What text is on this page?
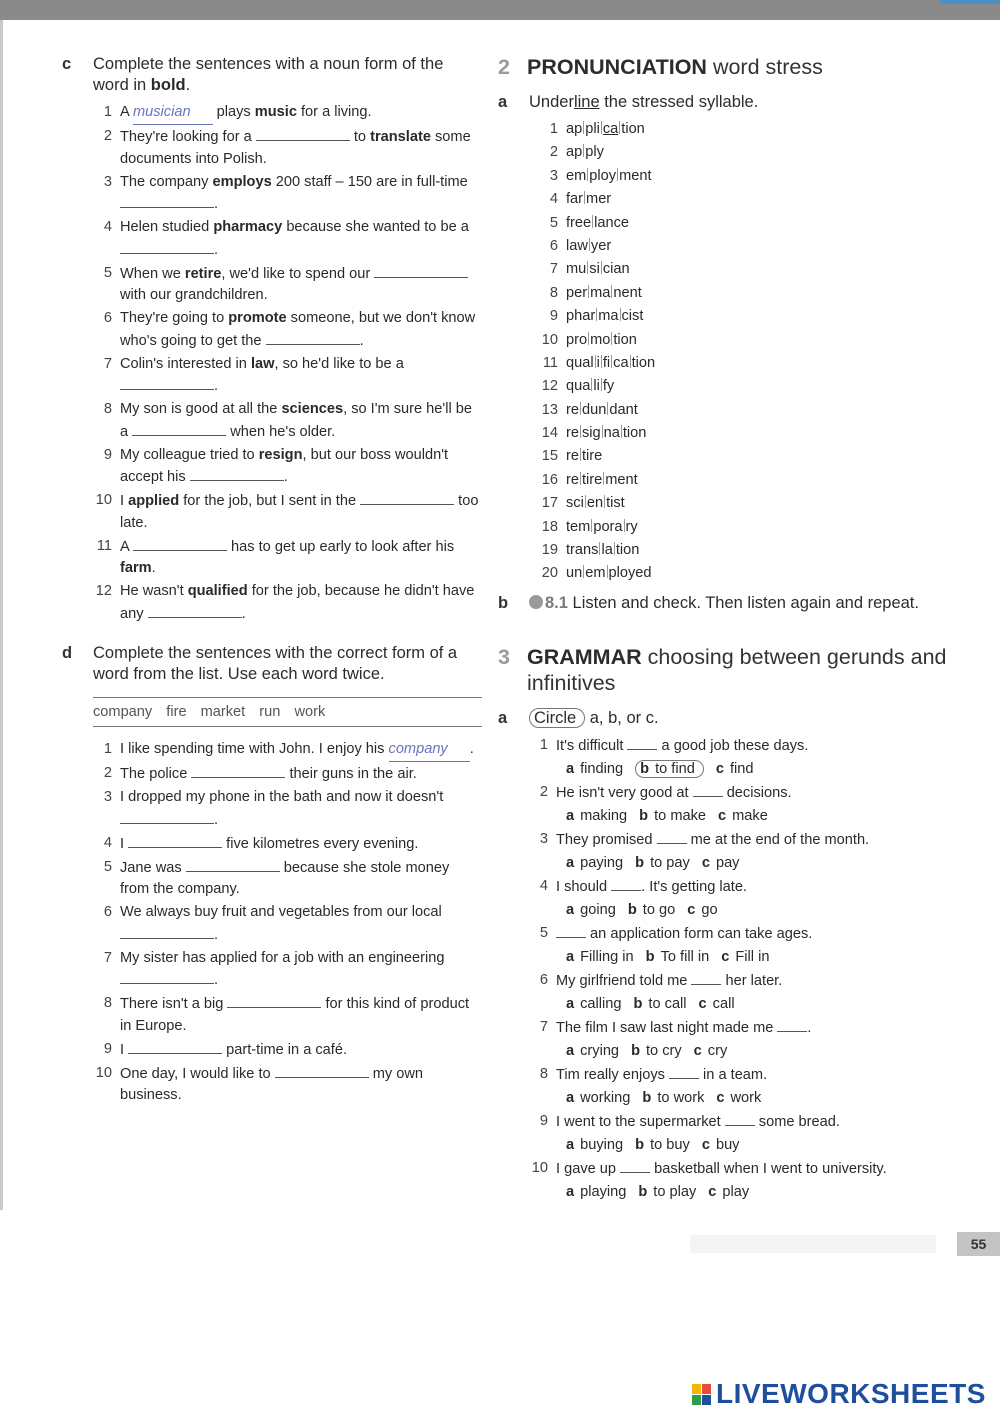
c	Complete the sentences with a noun form of the word in bold.
1 A musician plays music for a living.
2 They're looking for a	to translate some documents into Polish.
3 The company employs 200 staff – 150 are in full-time .
4 Helen studied pharmacy because she wanted to be a .
5 When we retire, we'd like to spend our  with our grandchildren.
6 They're going to promote someone, but we don't know who's going to get the	.
7 Colin's interested in law, so he'd like to be a .
8 My son is good at all the sciences, so I'm sure he'll be a	when he's older.
9 My colleague tried to resign, but our boss wouldn't accept his	.
10 I applied for the job, but I sent in the	too late.
11 A	has to get up early to look after his farm.
12 He wasn't qualified for the job, because he didn't have any	.
d	Complete the sentences with the correct form of a word from the list. Use each word twice.
company fire market run work
1 I like spending time with John. I enjoy his company .
2 The police	their guns in the air.
3 I dropped my phone in the bath and now it doesn't .
4 I	five kilometres every evening.
5 Jane was	because she stole money from the company.
6 We always buy fruit and vegetables from our local .
7 My sister has applied for a job with an engineering .
8 There isn't a big	for this kind of product in Europe.
9 I	part-time in a café.
10 One day, I would like to	my own business.
2 PRONUNCIATION word stress
a	Underline the stressed syllable.
1 ap pli ca tion
2 ap ply
3 em ploy ment
4 far mer
5 free lance
6 law yer
7 mu si cian
8 per ma nent
9 phar ma cist
10 pro mo tion
11 qual i fi ca tion
12 qua li fy
13 re dun dant
14 re sig na tion
15 re tire
16 re tire ment
17 sci en tist
18 tem pora ry
19 trans la tion
20 un em ployed
b	8.1 Listen and check. Then listen again and repeat.
3 GRAMMAR choosing between gerunds and infinitives
a	Circle a, b, or c.
1 It's difficult  a good job these days.
a finding b to find c find
2 He isn't very good at  decisions.
a making b to make c make
3 They promised  me at the end of the month.
a paying b to pay c pay
4 I should . It's getting late.
a going b to go c go
5	an application form can take ages.
a Filling in b To fill in c Fill in
6 My girlfriend told me  her later.
a calling b to call c call
7 The film I saw last night made me .
a crying b to cry c cry
8 Tim really enjoys  in a team.
a working b to work c work
9 I went to the supermarket  some bread.
a buying b to buy c buy
10 I gave up  basketball when I went to university.
a playing b to play c play
55
LIVEWORKSHEETS
